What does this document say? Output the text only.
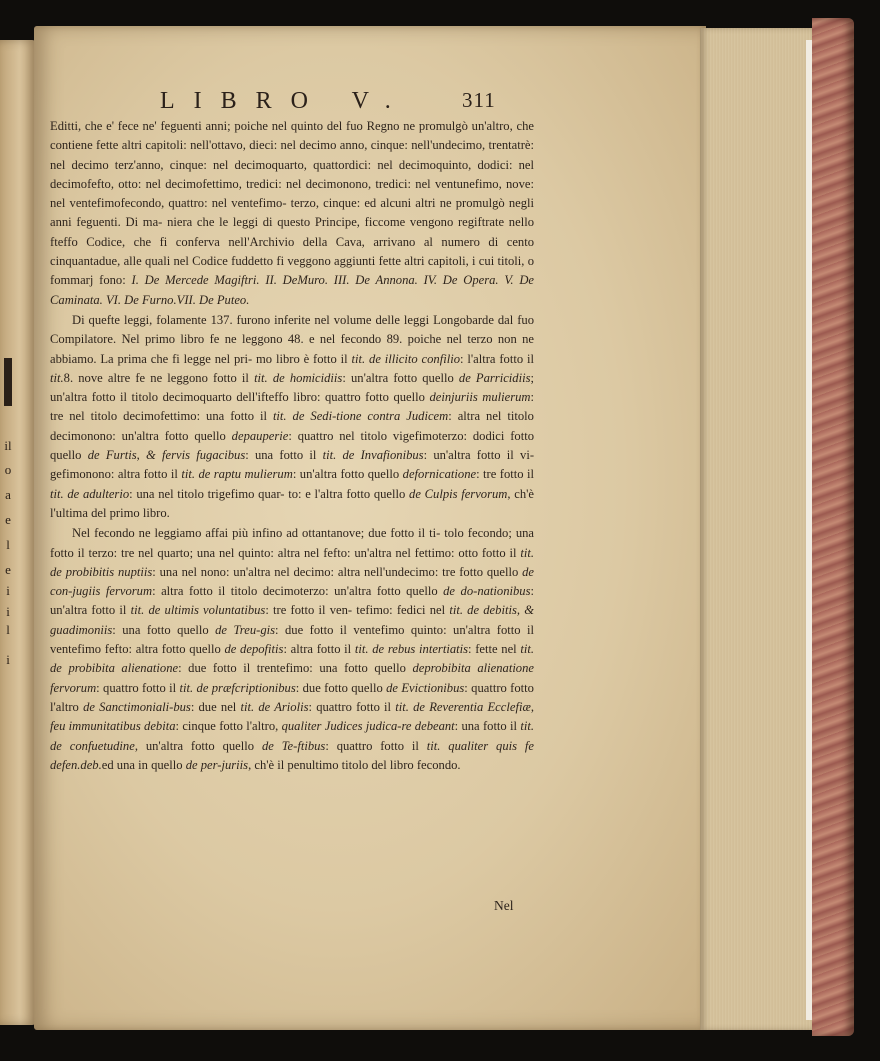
r
il
o
a
e
l
e
i
i
l
i
LIBRO V. 311

Editti, che e' fece ne' feguenti anni; poiche nel quinto del fuo Regno ne promulgò un'altro, che contiene fette altri capitoli: nell'ottavo, dieci: nel decimo anno, cinque: nell'undecimo, trentatrè: nel decimo terz'anno, cinque: nel decimoquarto, quattordici: nel decimoquinto, dodici: nel decimofefto, otto: nel decimofettimo, tredici: nel decimonono, tredici: nel ventunefimo, nove: nel ventefimofecondo, quattro: nel ventefimo- terzo, cinque: ed alcuni altri ne promulgò negli anni feguenti. Di ma- niera che le leggi di questo Principe, ficcome vengono regiftrate nello fteffo Codice, che fi conferva nell'Archivio della Cava, arrivano al numero di cento cinquantadue, alle quali nel Codice fuddetto fi veggono aggiunti fette altri capitoli, i cui titoli, o fommarj fono: I. De Mercede Magiftri. II. DeMuro. III. De Annona. IV. De Opera. V. De Caminata. VI. De Furno.VII. De Puteo.

Di quefte leggi, folamente 137. furono inferite nel volume delle leggi Longobarde dal fuo Compilatore. Nel primo libro fe ne leggono 48. e nel fecondo 89. poiche nel terzo non ne abbiamo. La prima che fi legge nel pri- mo libro è fotto il tit. de illicito confilio: l'altra fotto il tit.8. nove altre fe ne leggono fotto il tit. de homicidiis: un'altra fotto quello de Parricidiis; un'altra fotto il titolo decimoquarto dell'ifteffo libro: quattro fotto quello deinjuriis mulierum: tre nel titolo decimofettimo: una fotto il tit. de Sedi-tione contra Judicem: altra nel titolo decimonono: un'altra fotto quello depauperie: quattro nel titolo vigefimoterzo: dodici fotto quello de Furtis, & fervis fugacibus: una fotto il tit. de Invafionibus: un'altra fotto il vi- gefimonono: altra fotto il tit. de raptu mulierum: un'altra fotto quello defornicatione: tre fotto il tit. de adulterio: una nel titolo trigefimo quar- to: e l'altra fotto quello de Culpis fervorum, ch'è l'ultima del primo libro.

Nel fecondo ne leggiamo affai più infino ad ottantanove; due fotto il ti- tolo fecondo; una fotto il terzo: tre nel quarto; una nel quinto: altra nel fefto: un'altra nel fettimo: otto fotto il tit. de probibitis nuptiis: una nel nono: un'altra nel decimo: altra nell'undecimo: tre fotto quello de con-jugiis fervorum: altra fotto il titolo decimoterzo: un'altra fotto quello de do-nationibus: un'altra fotto il tit. de ultimis voluntatibus: tre fotto il ven- tefimo: fedici nel tit. de debitis, & guadimoniis: una fotto quello de Treu-gis: due fotto il ventefimo quinto: un'altra fotto il ventefimo fefto: altra fotto quello de depofitis: altra fotto il tit. de rebus intertiatis: fette nel tit. de probibita alienatione: due fotto il trentefimo: una fotto quello deprobibita alienatione fervorum: quattro fotto il tit. de præfcriptionibus: due fotto quello de Evictionibus: quattro fotto l'altro de Sanctimoniali-bus: due nel tit. de Ariolis: quattro fotto il tit. de Reverentia Ecclefiæ, feu immunitatibus debita: cinque fotto l'altro, qualiter Judices judica-re debeant: una fotto il tit. de confuetudine, un'altra fotto quello de Te-ftibus: quattro fotto il tit. qualiter quis fe defen.deb.ed una in quello de per-juriis, ch'è il penultimo titolo del libro fecondo.

Nel
